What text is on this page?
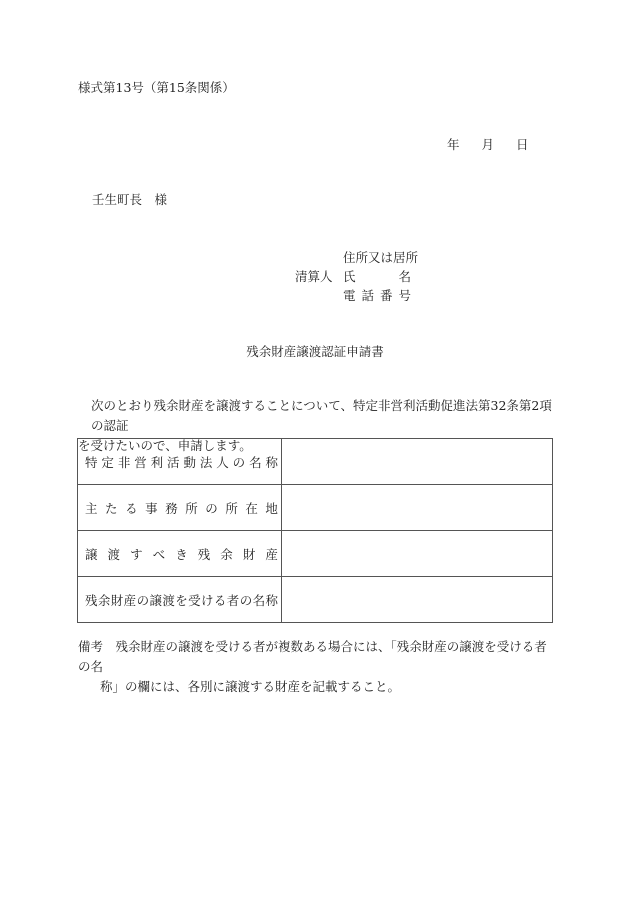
様式第13号（第15条関係）
年 月 日
壬生町長　様
住所又は居所
清算人 氏	名
電 話 番 号
残余財産譲渡認証申請書
次のとおり残余財産を譲渡することについて、特定非営利活動促進法第32条第2項の認証
を受けたいので、申請します。
特 定 非 営 利 活 動 法 人 の 名 称

主 た る 事 務 所 の 所 在 地

譲 渡 す べ き 残 余 財 産

残 余 財 産 の 譲 渡 を 受 け る 者 の 名 称

備考　残余財産の譲渡を受ける者が複数ある場合には、「残余財産の譲渡を受ける者の名
称」の欄には、各別に譲渡する財産を記載すること。
